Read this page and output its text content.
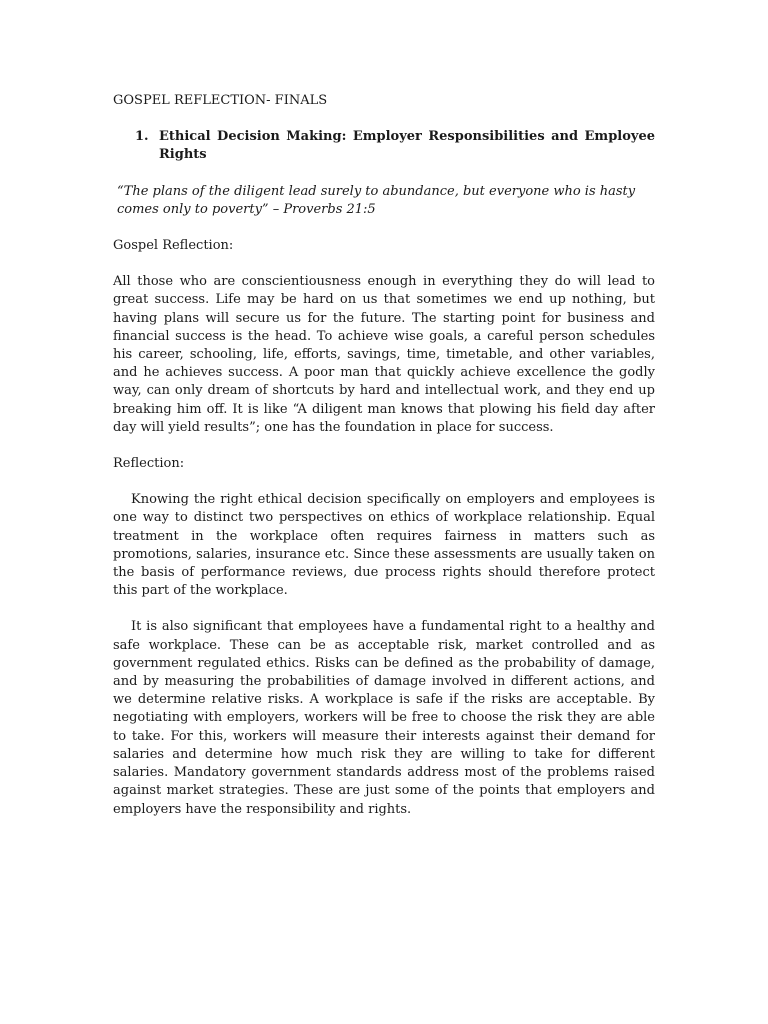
GOSPEL REFLECTION- FINALS

1. Ethical Decision Making: Employer Responsibilities and Employee Rights

“The plans of the diligent lead surely to abundance, but everyone who is hasty comes only to poverty” – Proverbs 21:5

Gospel Reflection:

All those who are conscientiousness enough in everything they do will lead to great success. Life may be hard on us that sometimes we end up nothing, but having plans will secure us for the future. The starting point for business and financial success is the head. To achieve wise goals, a careful person schedules his career, schooling, life, efforts, savings, time, timetable, and other variables, and he achieves success. A poor man that quickly achieve excellence the godly way, can only dream of shortcuts by hard and intellectual work, and they end up breaking him off. It is like “A diligent man knows that plowing his field day after day will yield results”; one has the foundation in place for success.

Reflection:

Knowing the right ethical decision specifically on employers and employees is one way to distinct two perspectives on ethics of workplace relationship. Equal treatment in the workplace often requires fairness in matters such as promotions, salaries, insurance etc. Since these assessments are usually taken on the basis of performance reviews, due process rights should therefore protect this part of the workplace.

It is also significant that employees have a fundamental right to a healthy and safe workplace. These can be as acceptable risk, market controlled and as government regulated ethics. Risks can be defined as the probability of damage, and by measuring the probabilities of damage involved in different actions, and we determine relative risks. A workplace is safe if the risks are acceptable. By negotiating with employers, workers will be free to choose the risk they are able to take. For this, workers will measure their interests against their demand for salaries and determine how much risk they are willing to take for different salaries. Mandatory government standards address most of the problems raised against market strategies. These are just some of the points that employers and employers have the responsibility and rights.
